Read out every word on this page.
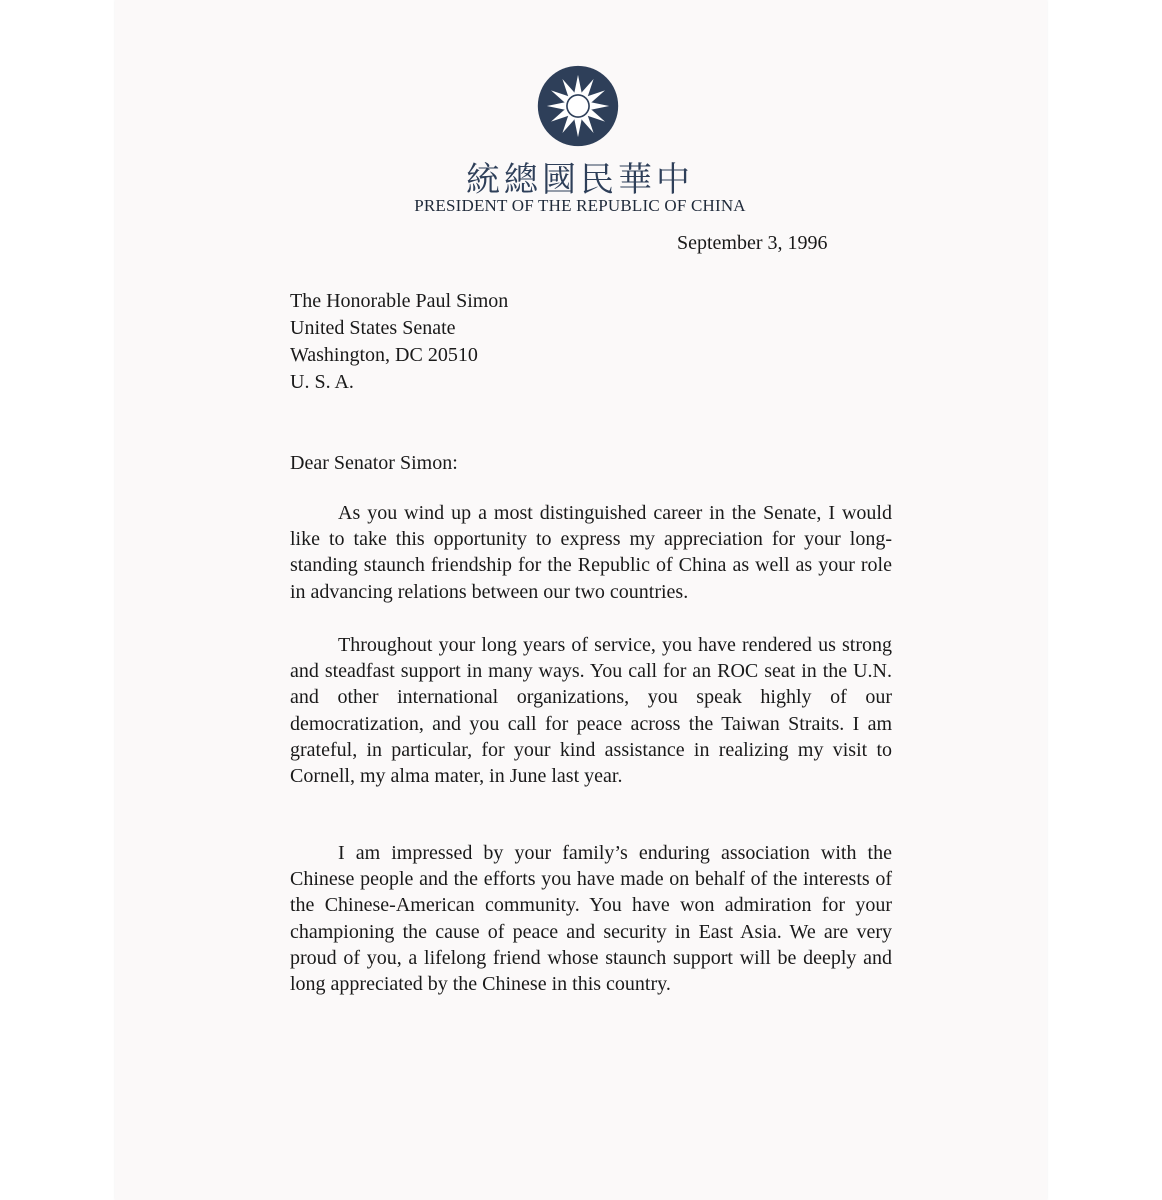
中華民國總統
PRESIDENT OF THE REPUBLIC OF CHINA
September 3, 1996
The Honorable Paul Simon
United States Senate
Washington, DC 20510
U. S. A.
Dear Senator Simon:

As you wind up a most distinguished career in the Senate, I would like to take this opportunity to express my appreciation for your long-standing staunch friendship for the Republic of China as well as your role in advancing relations between our two countries.

Throughout your long years of service, you have rendered us strong and steadfast support in many ways. You call for an ROC seat in the U.N. and other international organizations, you speak highly of our democratization, and you call for peace across the Taiwan Straits. I am grateful, in particular, for your kind assistance in realizing my visit to Cornell, my alma mater, in June last year.

I am impressed by your family’s enduring association with the Chinese people and the efforts you have made on behalf of the interests of the Chinese-American community. You have won admiration for your championing the cause of peace and security in East Asia. We are very proud of you, a lifelong friend whose staunch support will be deeply and long appreciated by the Chinese in this country.
